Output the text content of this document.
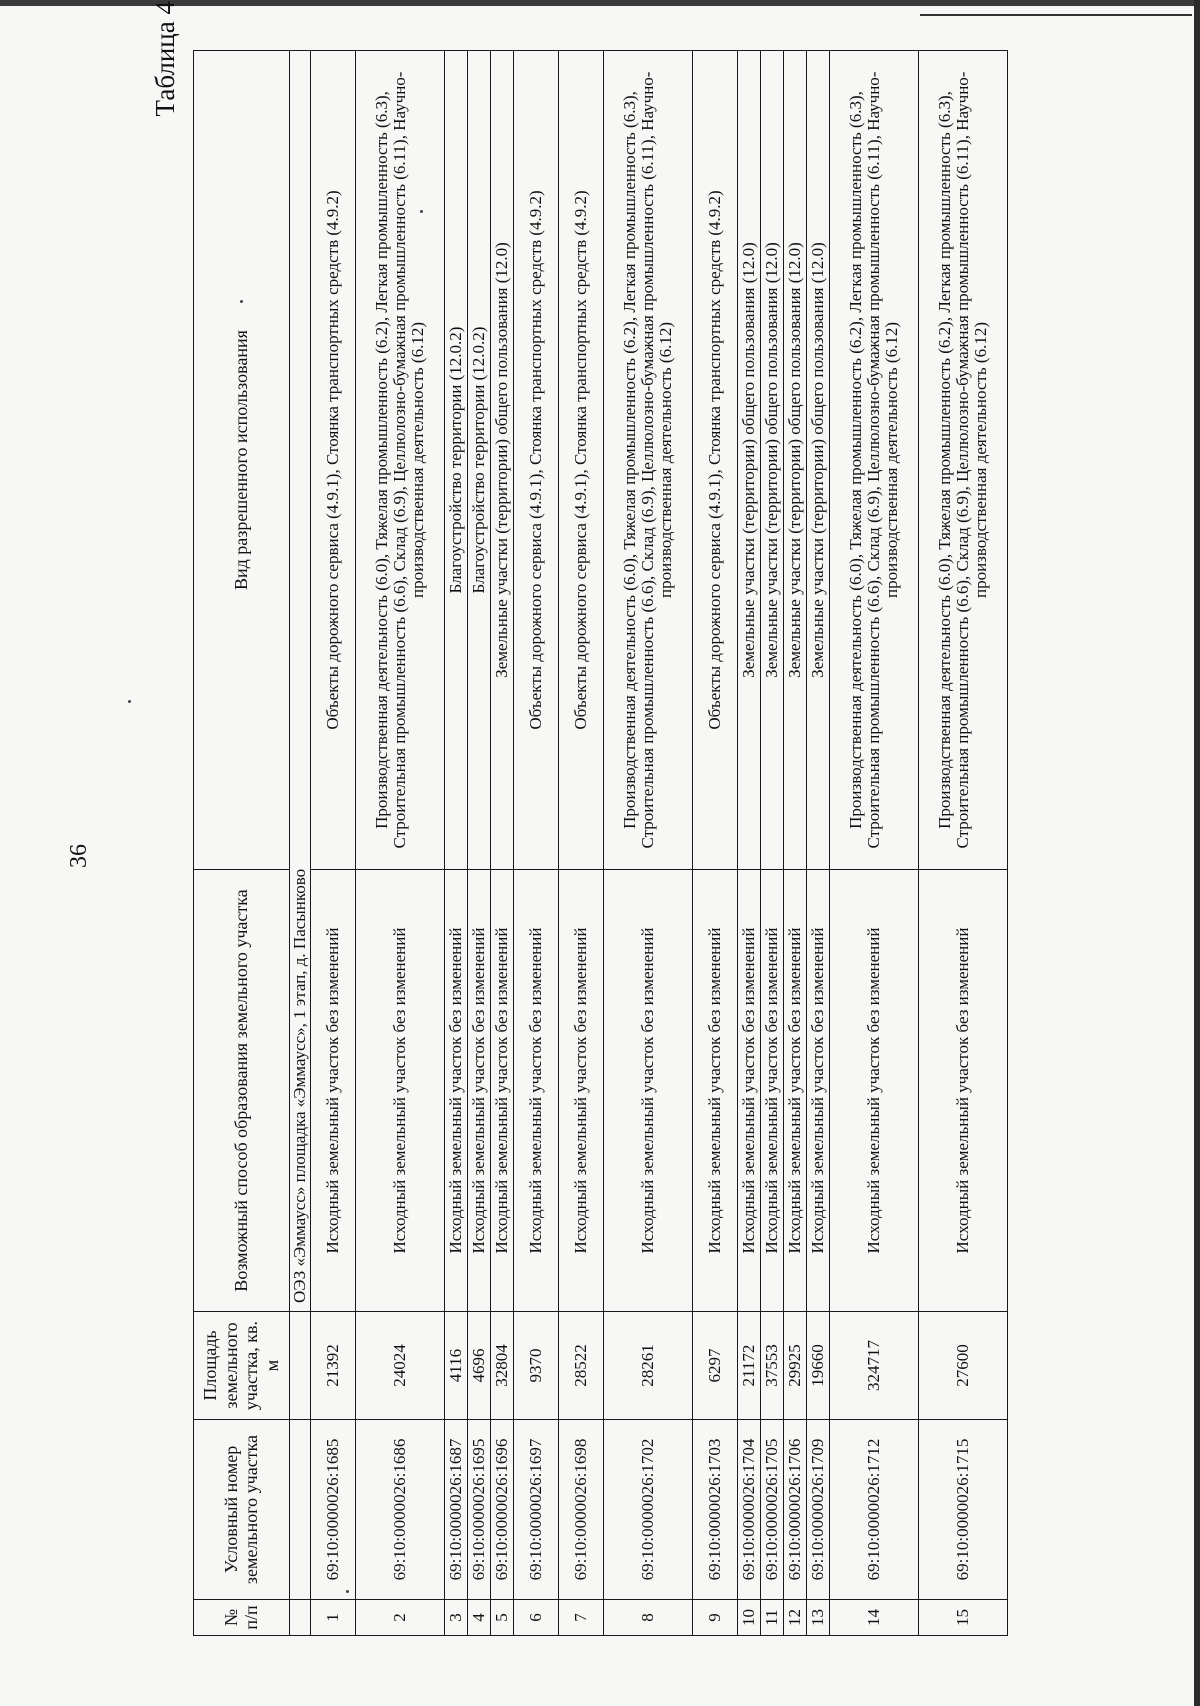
36
Таблица 4
№ п/п	Условный номер земельного участка	Площадь земельного участка, кв. м	Возможный способ образования земельного участка	Вид разрешенного использования
			ОЭЗ «Эммаусс» площадка «Эммаусс», 1 этап, д. Пасынково	
1	69:10:0000026:1685	21392	Исходный земельный участок без изменений	Объекты дорожного сервиса (4.9.1), Стоянка транспортных средств (4.9.2)
2	69:10:0000026:1686	24024	Исходный земельный участок без изменений	Производственная деятельность (6.0), Тяжелая промышленность (6.2), Легкая промышленность (6.3), Строительная промышленность (6.6), Склад (6.9), Целлюлозно-бумажная промышленность (6.11), Научно-производственная деятельность (6.12)
3	69:10:0000026:1687	4116	Исходный земельный участок без изменений	Благоустройство территории (12.0.2)
4	69:10:0000026:1695	4696	Исходный земельный участок без изменений	Благоустройство территории (12.0.2)
5	69:10:0000026:1696	32804	Исходный земельный участок без изменений	Земельные участки (территории) общего пользования (12.0)
6	69:10:0000026:1697	9370	Исходный земельный участок без изменений	Объекты дорожного сервиса (4.9.1), Стоянка транспортных средств (4.9.2)
7	69:10:0000026:1698	28522	Исходный земельный участок без изменений	Объекты дорожного сервиса (4.9.1), Стоянка транспортных средств (4.9.2)
8	69:10:0000026:1702	28261	Исходный земельный участок без изменений	Производственная деятельность (6.0), Тяжелая промышленность (6.2), Легкая промышленность (6.3), Строительная промышленность (6.6), Склад (6.9), Целлюлозно-бумажная промышленность (6.11), Научно-производственная деятельность (6.12)
9	69:10:0000026:1703	6297	Исходный земельный участок без изменений	Объекты дорожного сервиса (4.9.1), Стоянка транспортных средств (4.9.2)
10	69:10:0000026:1704	21172	Исходный земельный участок без изменений	Земельные участки (территории) общего пользования (12.0)
11	69:10:0000026:1705	37553	Исходный земельный участок без изменений	Земельные участки (территории) общего пользования (12.0)
12	69:10:0000026:1706	29925	Исходный земельный участок без изменений	Земельные участки (территории) общего пользования (12.0)
13	69:10:0000026:1709	19660	Исходный земельный участок без изменений	Земельные участки (территории) общего пользования (12.0)
14	69:10:0000026:1712	324717	Исходный земельный участок без изменений	Производственная деятельность (6.0), Тяжелая промышленность (6.2), Легкая промышленность (6.3), Строительная промышленность (6.6), Склад (6.9), Целлюлозно-бумажная промышленность (6.11), Научно-производственная деятельность (6.12)
15	69:10:0000026:1715	27600	Исходный земельный участок без изменений	Производственная деятельность (6.0), Тяжелая промышленность (6.2), Легкая промышленность (6.3), Строительная промышленность (6.6), Склад (6.9), Целлюлозно-бумажная промышленность (6.11), Научно-производственная деятельность (6.12)
